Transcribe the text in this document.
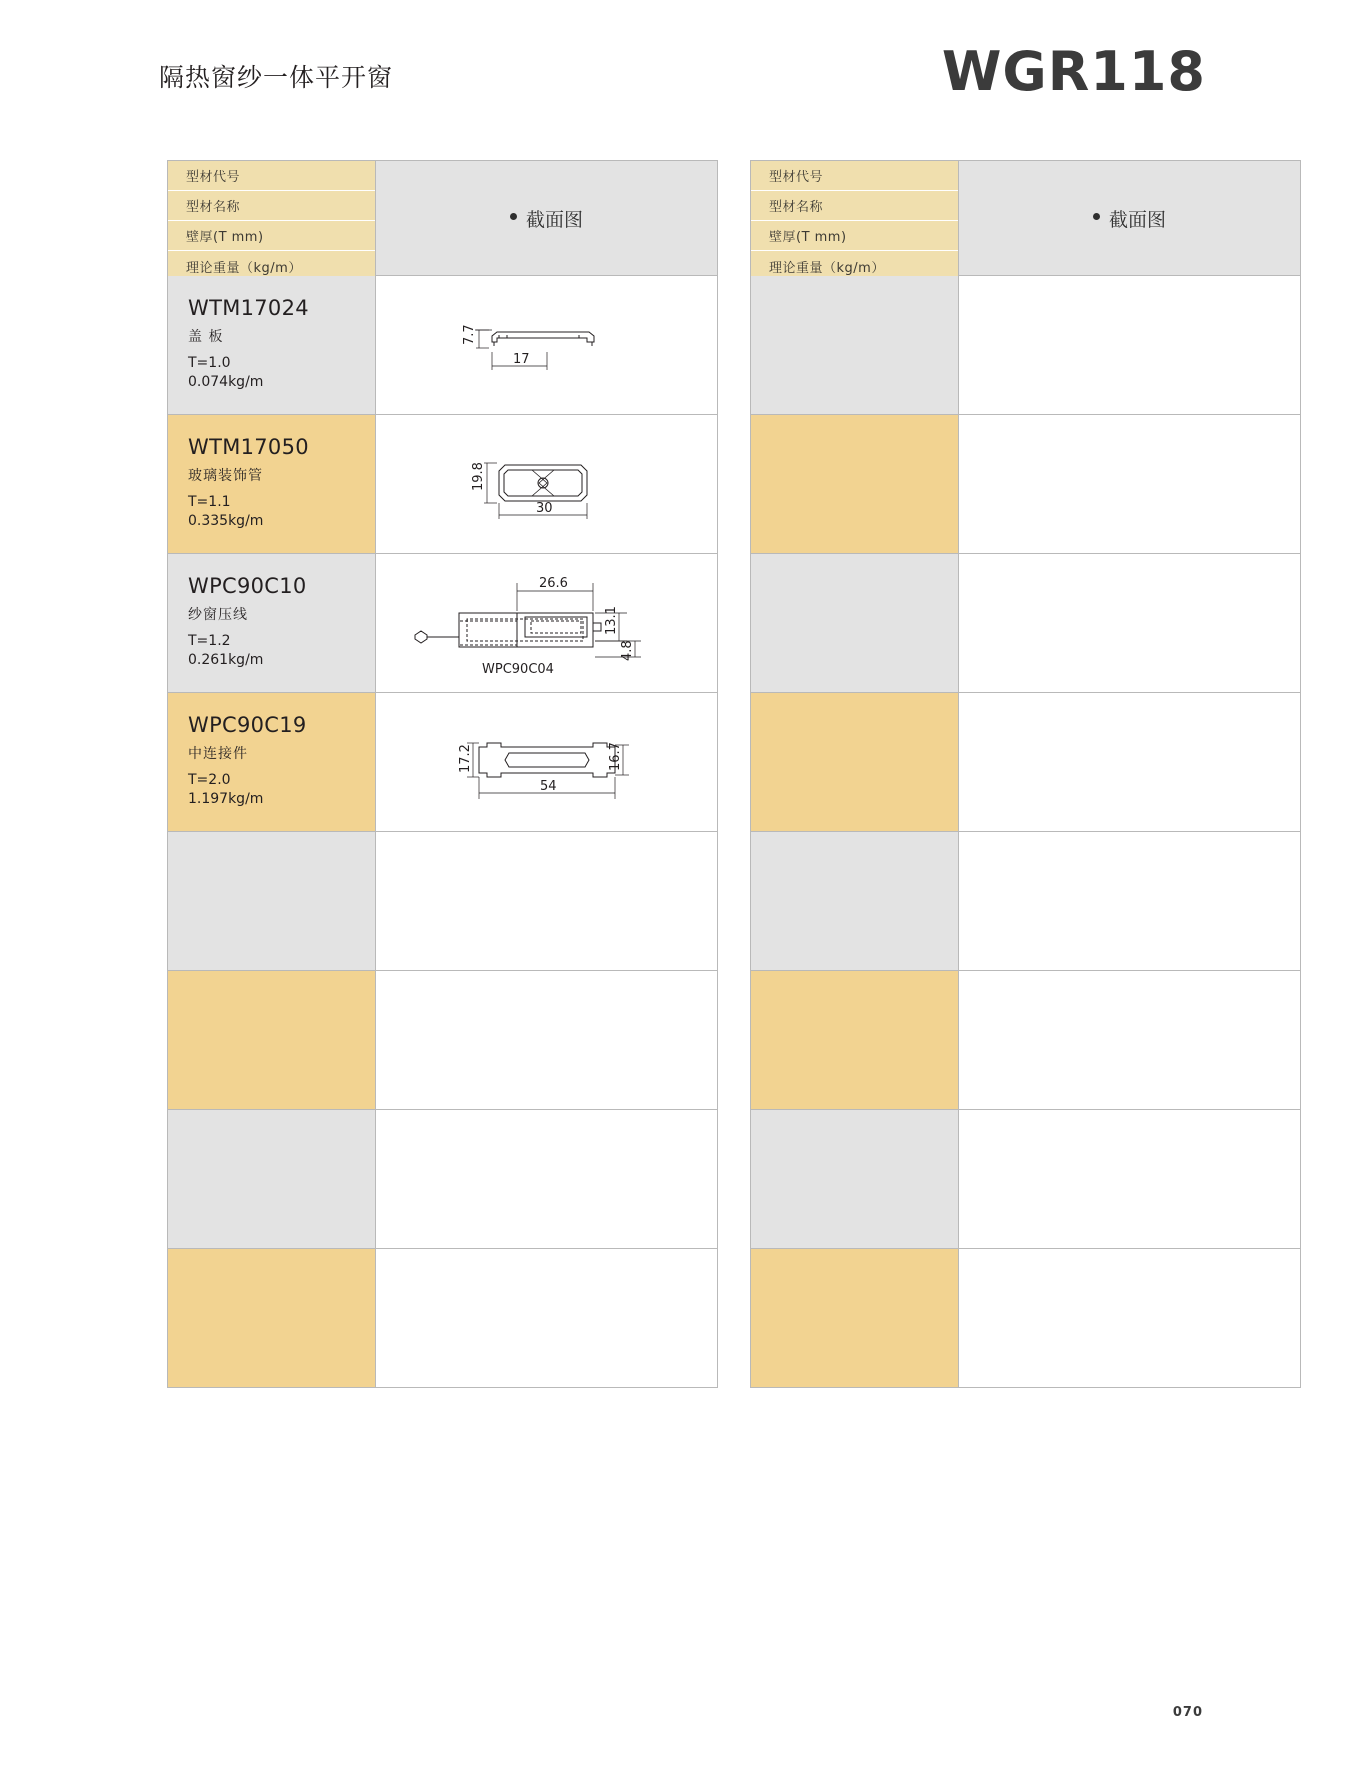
隔热窗纱一体平开窗	WGR118
型材代号
型材名称
壁厚(T mm)
理论重量（kg/m）
截面图
WTM17024
盖 板
T=1.0
0.074kg/m
7.7
17
WTM17050
玻璃装饰管
T=1.1
0.335kg/m
19.8
30
WPC90C10
纱窗压线
T=1.2
0.261kg/m
26.6
13.1
4.8
WPC90C04
WPC90C19
中连接件
T=2.0
1.197kg/m
17.2	16.7
54
型材代号
型材名称
壁厚(T mm)
理论重量（kg/m）
截面图
070
